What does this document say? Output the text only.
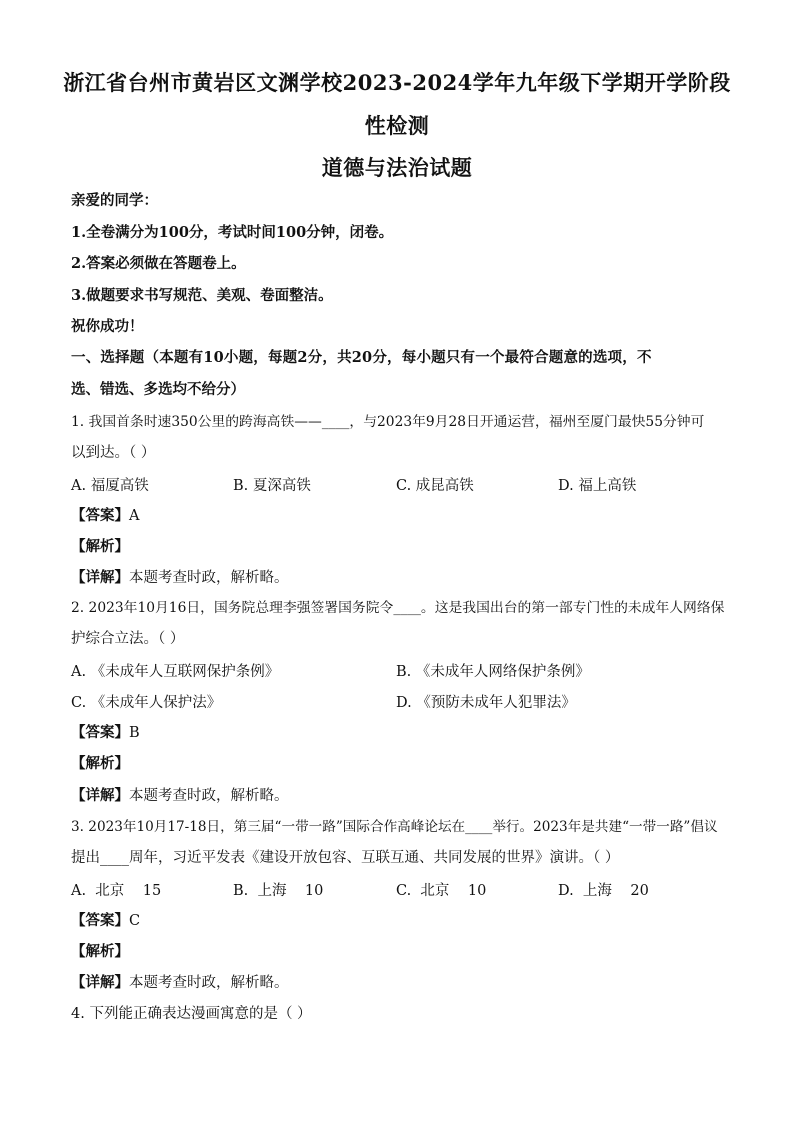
浙江省台州市黄岩区文渊学校2023-2024学年九年级下学期开学阶段
性检测
道德与法治试题
亲爱的同学：
1.全卷满分为100分，考试时间100分钟，闭卷。
2.答案必须做在答题卷上。
3.做题要求书写规范、美观、卷面整洁。
祝你成功！
一、选择题（本题有10小题，每题2分，共20分，每小题只有一个最符合题意的选项，不
选、错选、多选均不给分）
1. 我国首条时速350公里的跨海高铁——____，与2023年9月28日开通运营，福州至厦门最快55分钟可
以到达。（ ）
A. 福厦高铁	B. 夏深高铁	C. 成昆高铁	D. 福上高铁
【答案】A
【解析】
【详解】本题考查时政，解析略。
2. 2023年10月16日，国务院总理李强签署国务院令____。这是我国出台的第一部专门性的未成年人网络保
护综合立法。（ ）
A. 《未成年人互联网保护条例》	B. 《未成年人网络保护条例》
C. 《未成年人保护法》	D. 《预防未成年人犯罪法》
【答案】B
【解析】
【详解】本题考查时政，解析略。
3. 2023年10月17-18日，第三届“一带一路”国际合作高峰论坛在____举行。2023年是共建“一带一路”倡议
提出____周年，习近平发表《建设开放包容、互联互通、共同发展的世界》演讲。（ ）
A.  北京    15	B.  上海    10	C.  北京    10	D.  上海    20
【答案】C
【解析】
【详解】本题考查时政，解析略。
4. 下列能正确表达漫画寓意的是（ ）
